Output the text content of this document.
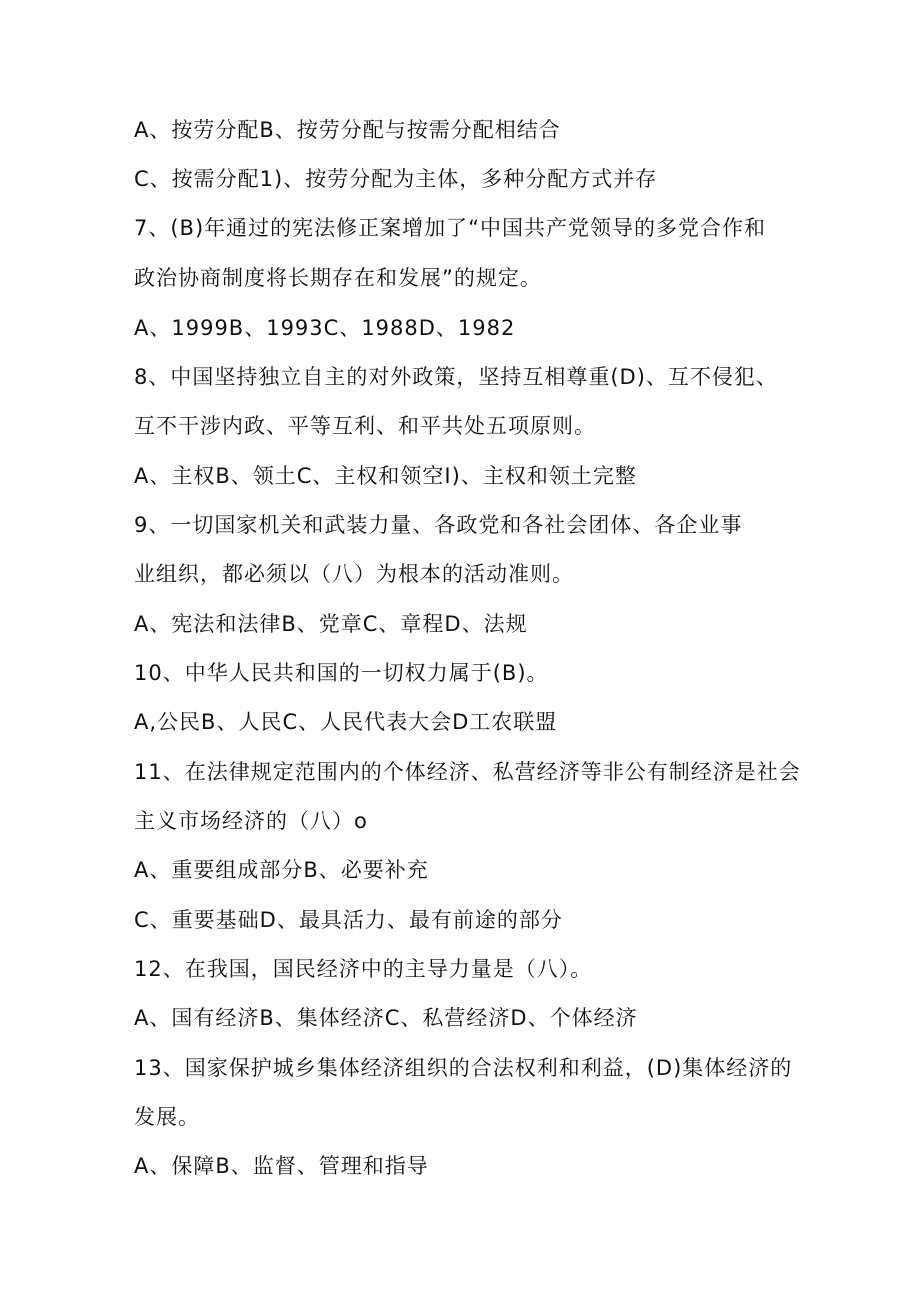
A、按劳分配B、按劳分配与按需分配相结合
C、按需分配1)、按劳分配为主体，多种分配方式并存
7、(B)年通过的宪法修正案增加了“中国共产党领导的多党合作和
政治协商制度将长期存在和发展”的规定。
A、1999B、1993C、1988D、1982
8、中国坚持独立自主的对外政策，坚持互相尊重(D)、互不侵犯、
互不干涉内政、平等互利、和平共处五项原则。
A、主权B、领土C、主权和领空I)、主权和领土完整
9、一切国家机关和武装力量、各政党和各社会团体、各企业事
业组织，都必须以（八）为根本的活动准则。
A、宪法和法律B、党章C、章程D、法规
10、中华人民共和国的一切权力属于(B)。
A,公民B、人民C、人民代表大会D工农联盟
11、在法律规定范围内的个体经济、私营经济等非公有制经济是社会
主义市场经济的（八）o
A、重要组成部分B、必要补充
C、重要基础D、最具活力、最有前途的部分
12、在我国，国民经济中的主导力量是（八）。
A、国有经济B、集体经济C、私营经济D、个体经济
13、国家保护城乡集体经济组织的合法权利和利益，(D)集体经济的
发展。
A、保障B、监督、管理和指导
